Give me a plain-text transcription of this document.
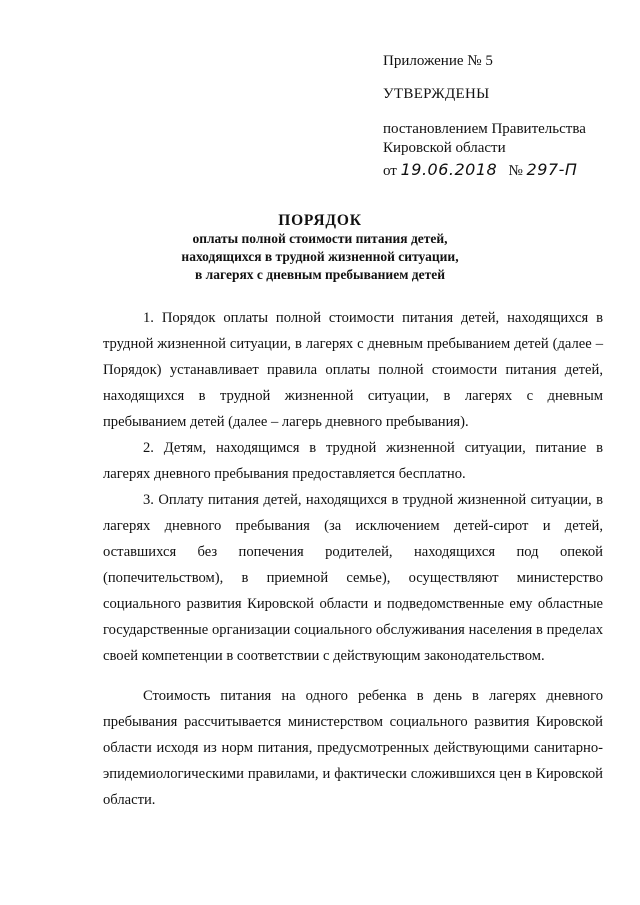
Приложение № 5

УТВЕРЖДЕНЫ

постановлением Правительства

Кировской области

от 19.06.2018 № 297-П

ПОРЯДОК
оплаты полной стоимости питания детей,
находящихся в трудной жизненной ситуации,
в лагерях с дневным пребыванием детей

1. Порядок оплаты полной стоимости питания детей, находящихся в трудной жизненной ситуации, в лагерях с дневным пребыванием детей (далее – Порядок) устанавливает правила оплаты полной стоимости питания детей, находящихся в трудной жизненной ситуации, в лагерях с дневным пребыванием детей (далее – лагерь дневного пребывания).

2. Детям, находящимся в трудной жизненной ситуации, питание в лагерях дневного пребывания предоставляется бесплатно.

3. Оплату питания детей, находящихся в трудной жизненной ситуации, в лагерях дневного пребывания (за исключением детей-сирот и детей, оставшихся без попечения родителей, находящихся под опекой (попечительством), в приемной семье), осуществляют министерство социального развития Кировской области и подведомственные ему областные государственные организации социального обслуживания населения в пределах своей компетенции в соответствии с действующим законодательством.

Стоимость питания на одного ребенка в день в лагерях дневного пребывания рассчитывается министерством социального развития Кировской области исходя из норм питания, предусмотренных действующими санитарно-эпидемиологическими правилами, и фактически сложившихся цен в Кировской области.
